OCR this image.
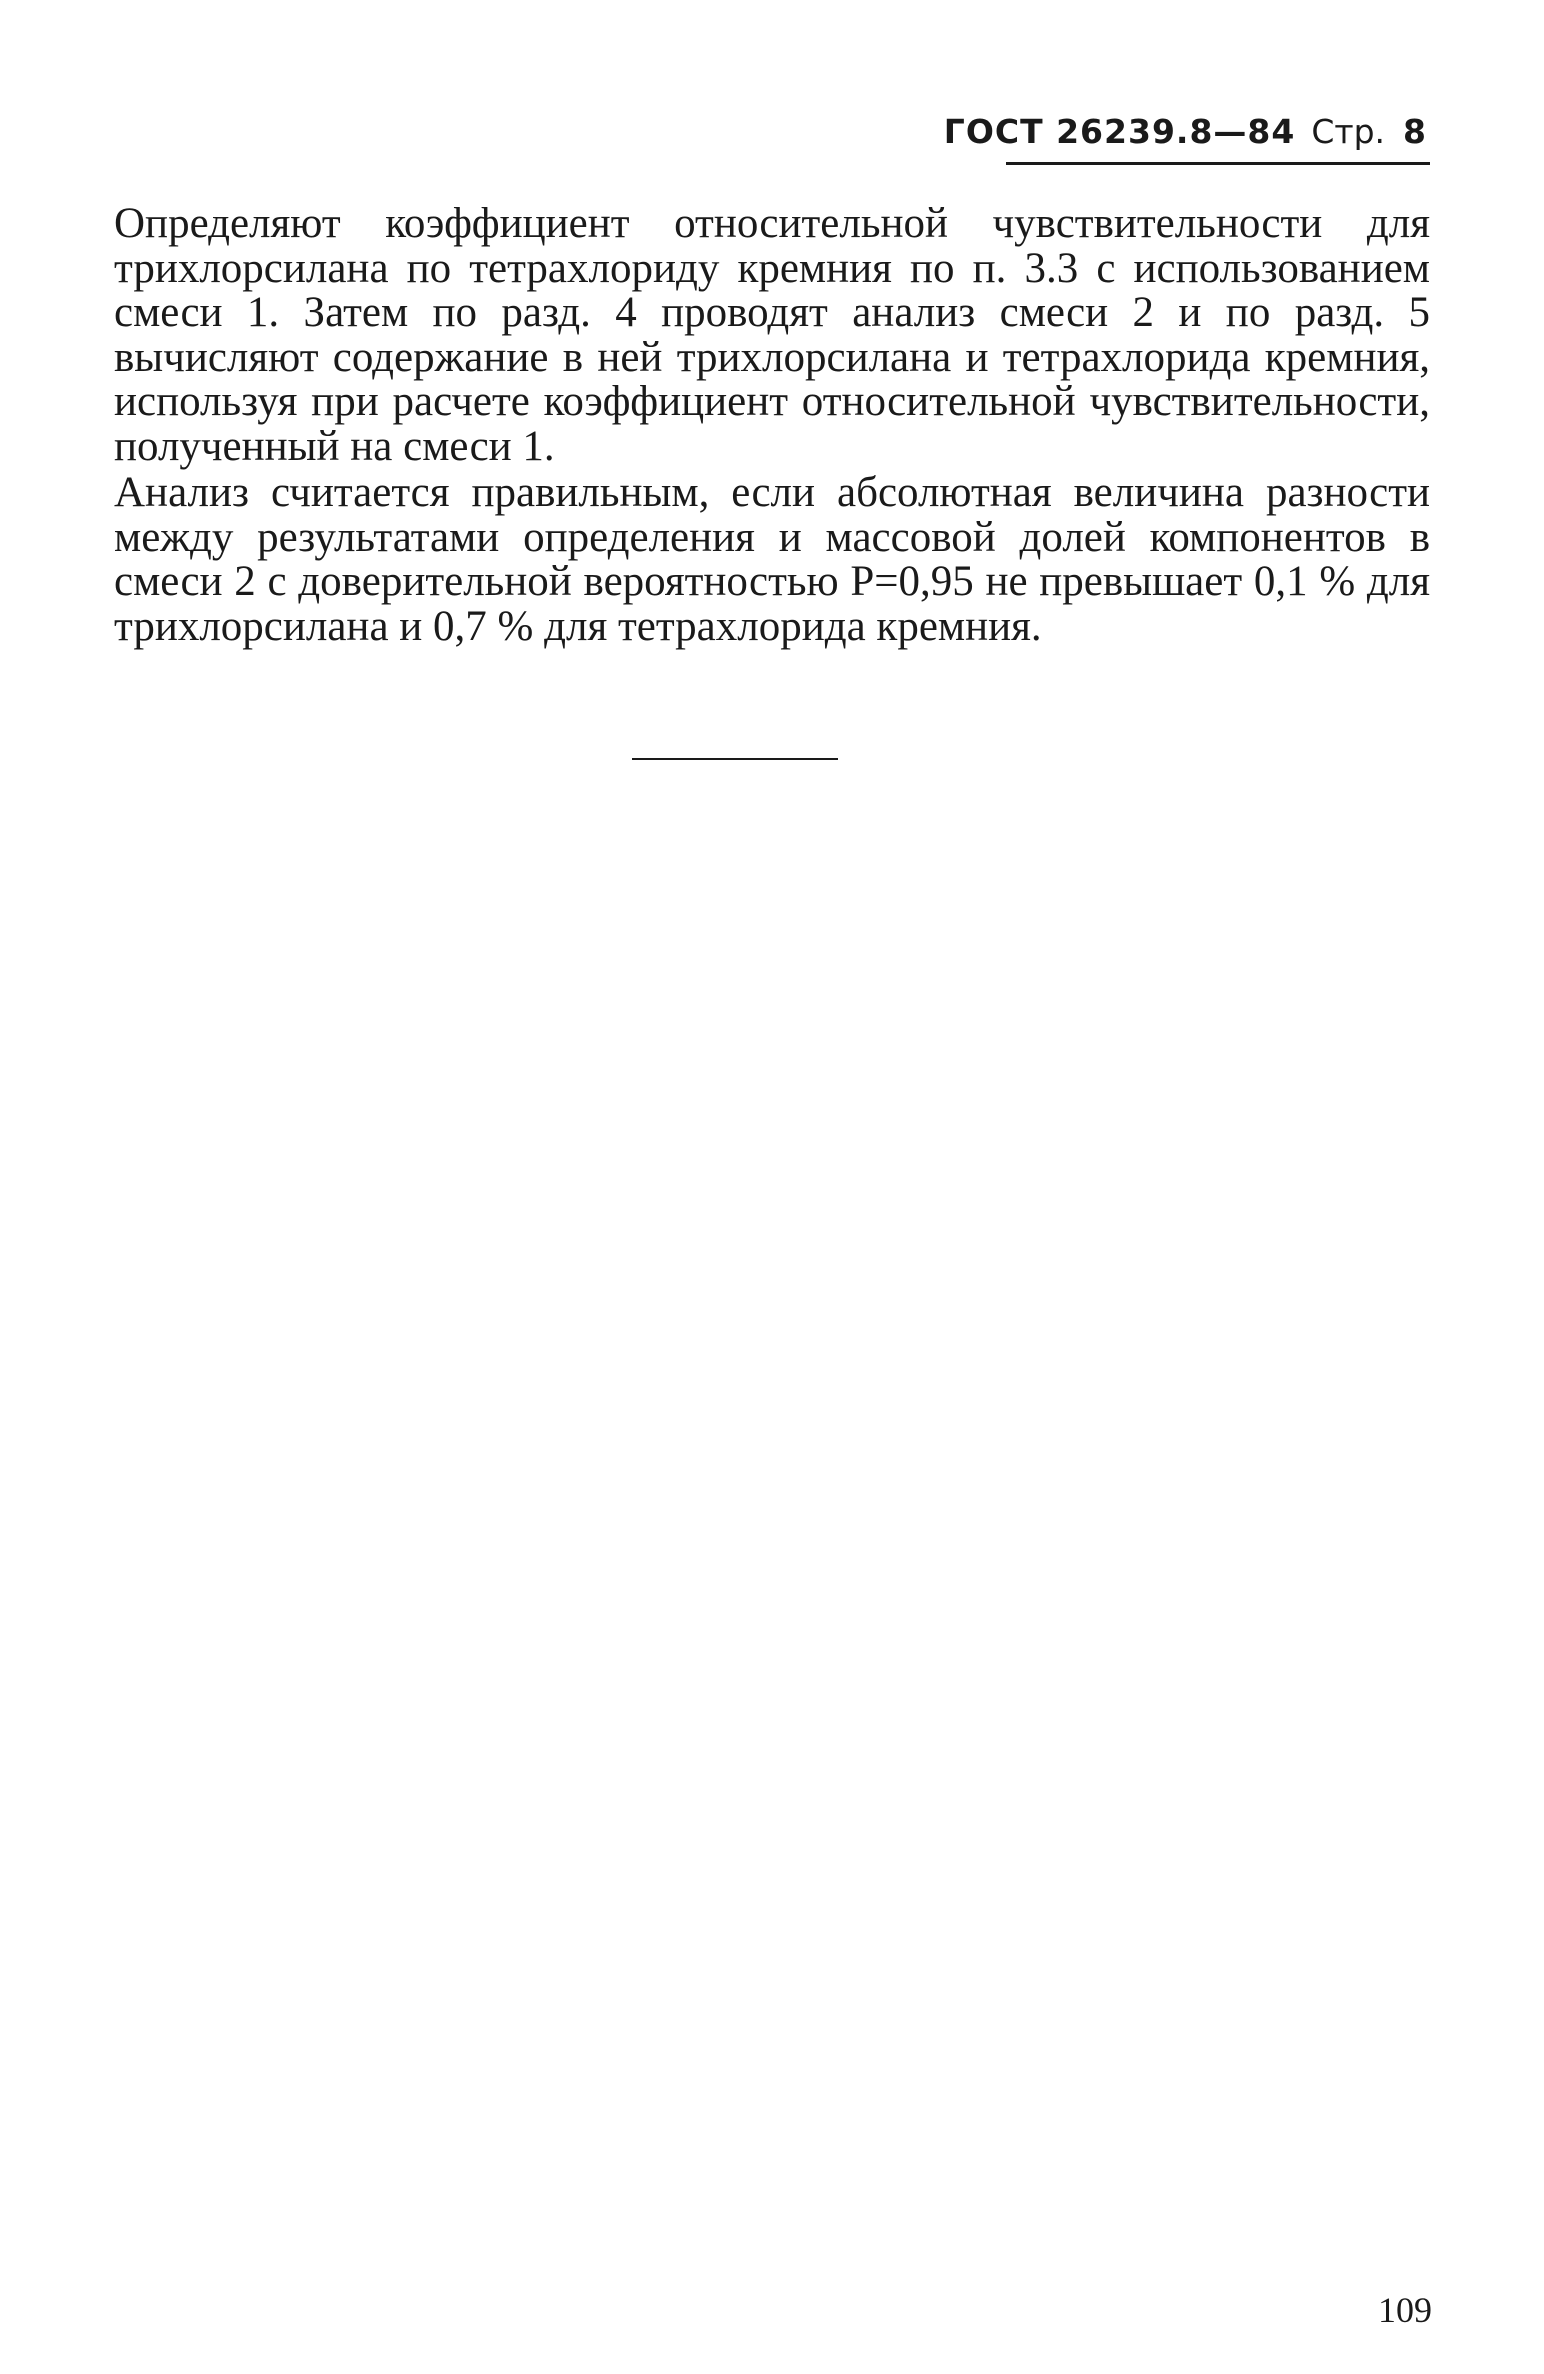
ГОСТ 26239.8—84 Стр. 8

Определяют коэффициент относительной чувствительности для трихлорсилана по тетрахлориду кремния по п. 3.3 с использованием смеси 1. Затем по разд. 4 проводят анализ смеси 2 и по разд. 5 вычисляют содержание в ней трихлорсилана и тетрахлорида кремния, используя при расчете коэффициент относительной чувствительности, полученный на смеси 1.

Анализ считается правильным, если абсолютная величина разности между результатами определения и массовой долей компонентов в смеси 2 с доверительной вероятностью P=0,95 не превышает 0,1 % для трихлорсилана и 0,7 % для тетрахлорида кремния.

109
